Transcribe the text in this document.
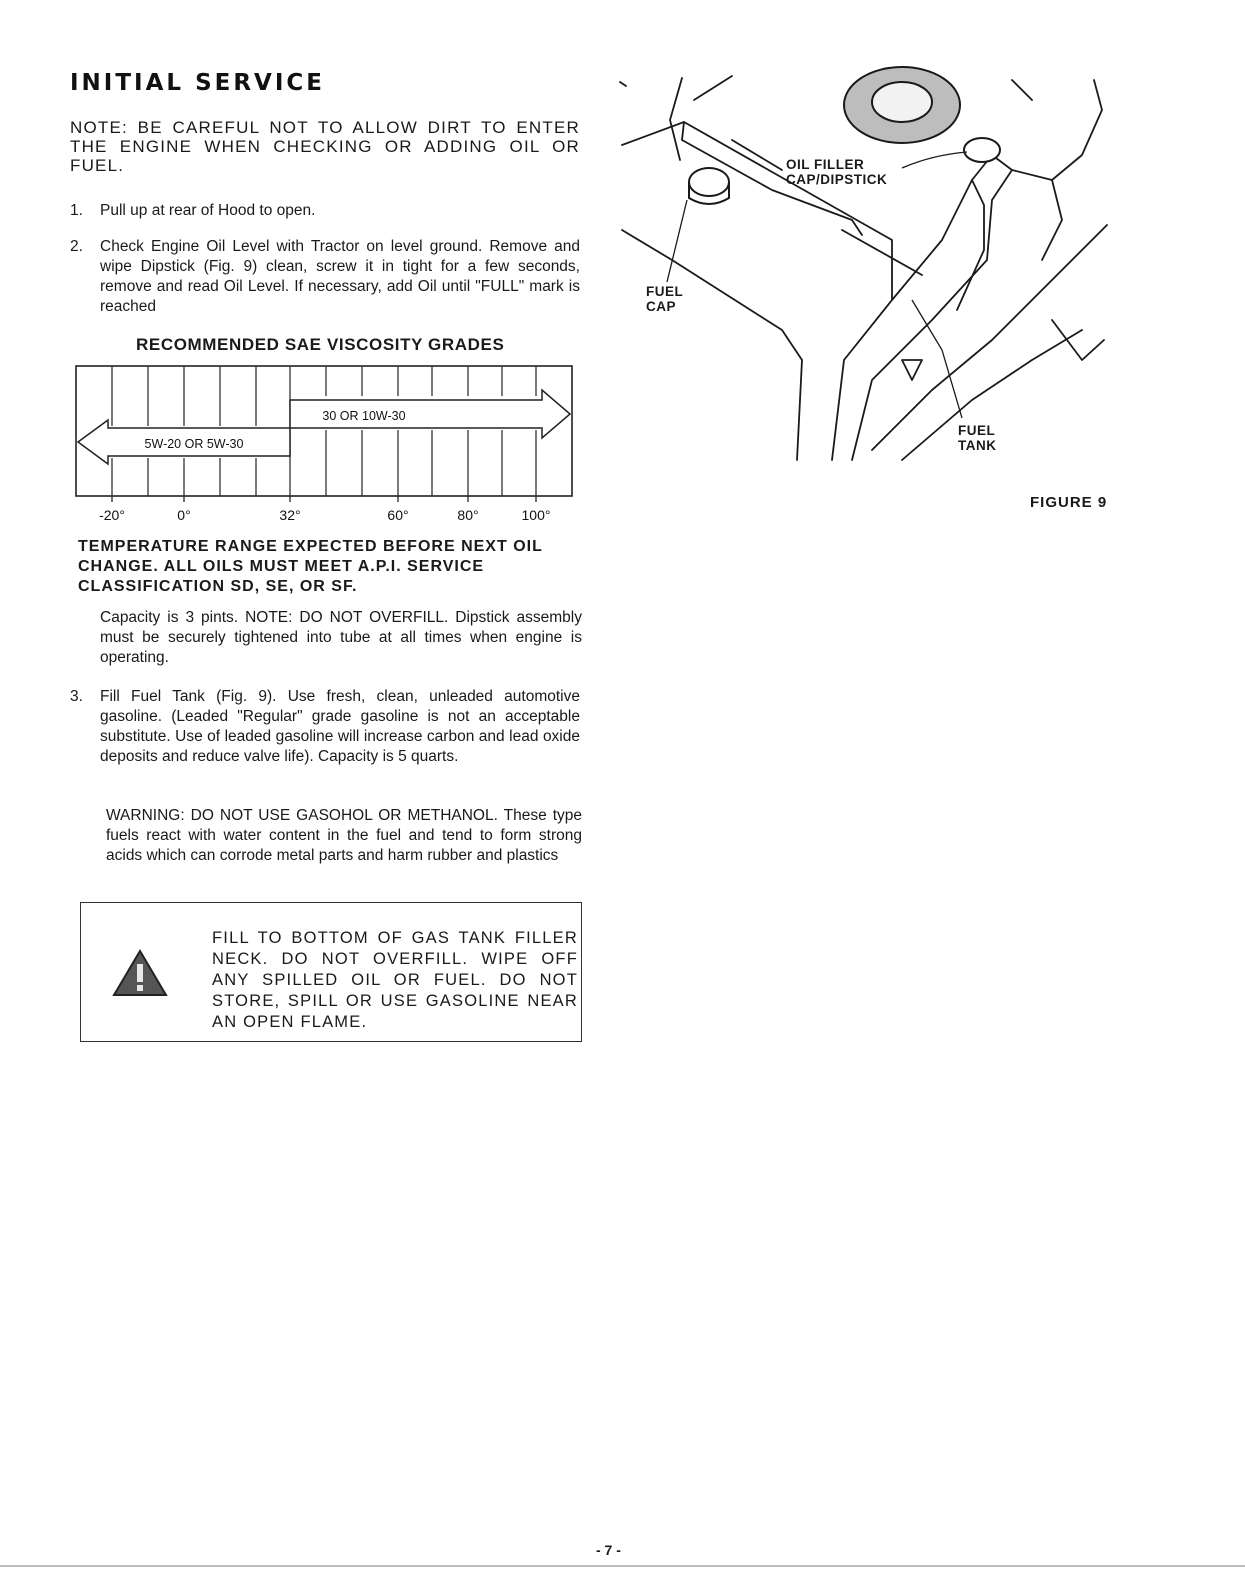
INITIAL SERVICE
NOTE: BE CAREFUL NOT TO ALLOW DIRT TO ENTER THE ENGINE WHEN CHECKING OR ADDING OIL OR FUEL.
1.	Pull up at rear of Hood to open.
2.	Check Engine Oil Level with Tractor on level ground. Remove and wipe Dipstick (Fig. 9) clean, screw it in tight for a few seconds, remove and read Oil Level. If necessary, add Oil until "FULL" mark is reached
RECOMMENDED SAE VISCOSITY GRADES
5W-20 OR 5W-30
30 OR 10W-30
-20°	0°	32°	60°	80°	100°
TEMPERATURE RANGE EXPECTED BEFORE NEXT OIL CHANGE. ALL OILS MUST MEET A.P.I. SERVICE CLASSIFICATION SD, SE, OR SF.
Capacity is 3 pints. NOTE: DO NOT OVERFILL. Dipstick assembly must be securely tightened into tube at all times when engine is operating.
3.	Fill Fuel Tank (Fig. 9). Use fresh, clean, unleaded automotive gasoline. (Leaded "Regular" grade gasoline is not an acceptable substitute. Use of leaded gasoline will increase carbon and lead oxide deposits and reduce valve life). Capacity is 5 quarts.
WARNING: DO NOT USE GASOHOL OR METHANOL. These type fuels react with water content in the fuel and tend to form strong acids which can corrode metal parts and harm rubber and plastics
FILL TO BOTTOM OF GAS TANK FILLER NECK. DO NOT OVERFILL. WIPE OFF ANY SPILLED OIL OR FUEL. DO NOT STORE, SPILL OR USE GASOLINE NEAR AN OPEN FLAME.
OIL FILLER
CAP/DIPSTICK
FUEL
CAP
FUEL
TANK
FIGURE 9
- 7 -
